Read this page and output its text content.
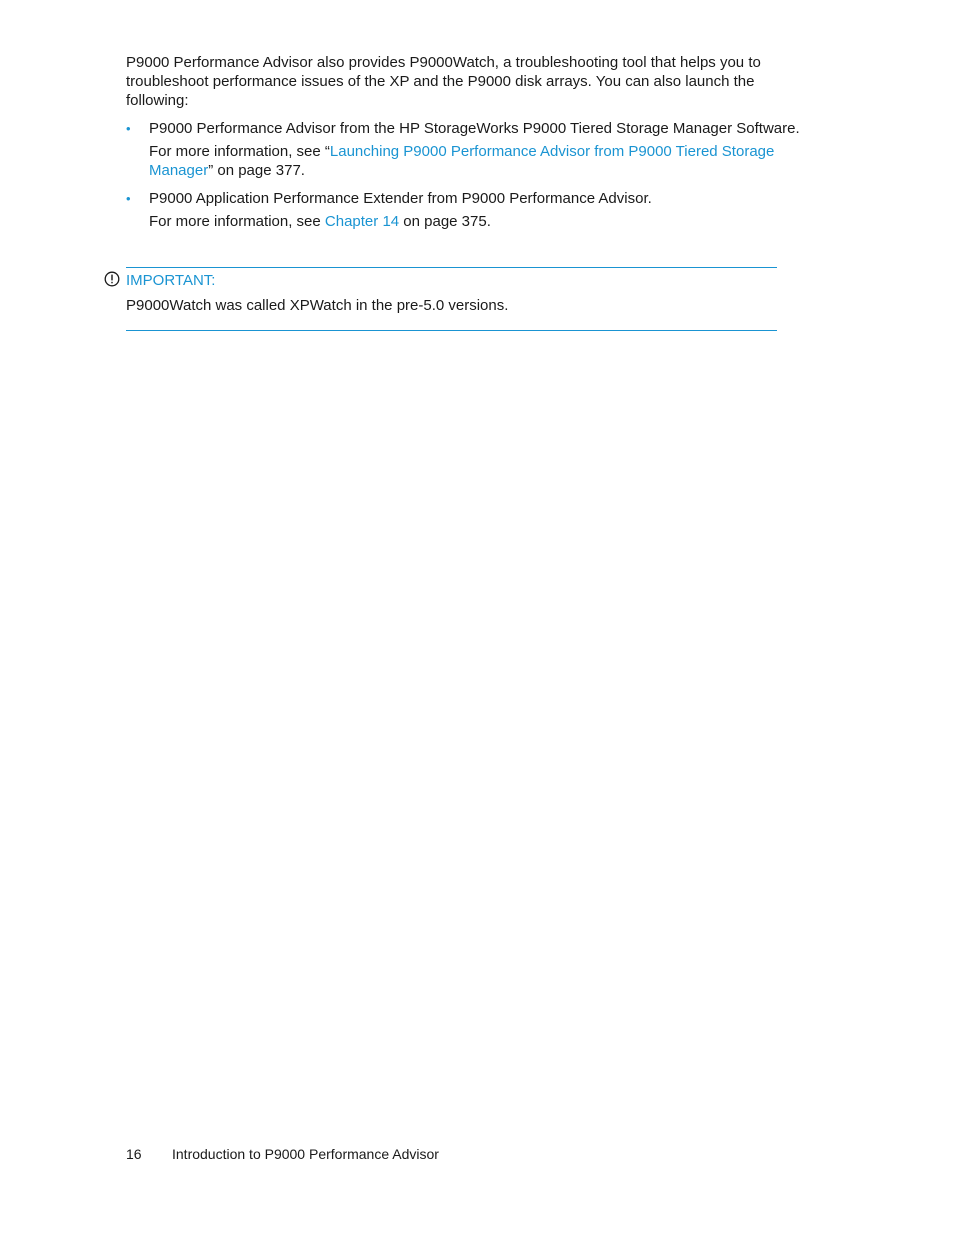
P9000 Performance Advisor also provides P9000Watch, a troubleshooting tool that helps you to troubleshoot performance issues of the XP and the P9000 disk arrays. You can also launch the following:

• P9000 Performance Advisor from the HP StorageWorks P9000 Tiered Storage Manager Software.
For more information, see “Launching P9000 Performance Advisor from P9000 Tiered Storage Manager” on page 377.
• P9000 Application Performance Extender from P9000 Performance Advisor.
For more information, see Chapter 14 on page 375.
IMPORTANT:
P9000Watch was called XPWatch in the pre-5.0 versions.
16 Introduction to P9000 Performance Advisor
